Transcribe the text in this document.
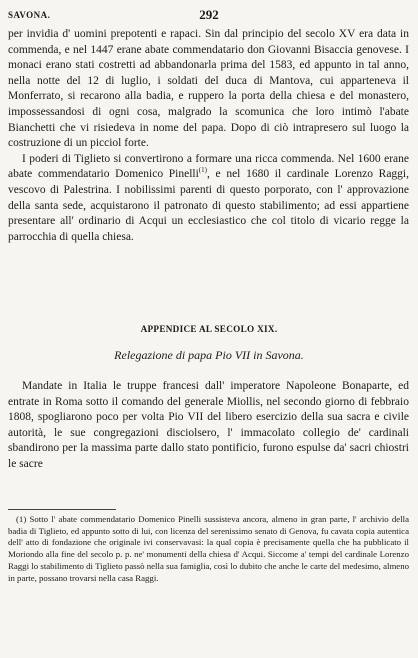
SAVONA.	292

per invidia d' uomini prepotenti e rapaci. Sin dal principio del secolo XV era data in commenda, e nel 1447 erane abate commendatario don Giovanni Bisaccia genovese. I monaci erano stati costretti ad abbandonarla prima del 1583, ed appunto in tal anno, nella notte del 12 di luglio, i soldati del duca di Mantova, cui apparteneva il Monferrato, si recarono alla badia, e ruppero la porta della chiesa e del monastero, impossessandosi di ogni cosa, malgrado la scomunica che loro intimò l'abate Bianchetti che vi risiedeva in nome del papa. Dopo di ciò intrapresero sul luogo la costruzione di un picciol forte.

I poderi di Tiglieto si convertirono a formare una ricca commenda. Nel 1600 erane abate commendatario Domenico Pinelli$^{(1)}$, e nel 1680 il cardinale Lorenzo Raggi, vescovo di Palestrina. I nobilissimi parenti di questo porporato, con l' approvazione della santa sede, acquistarono il patronato di questo stabilimento; ad essi appartiene presentare all' ordinario di Acqui un ecclesiastico che col titolo di vicario regge la parrocchia di quella chiesa.

APPENDICE AL SECOLO XIX.
Relegazione di papa Pio VII in Savona.

Mandate in Italia le truppe francesi dall' imperatore Napoleone Bonaparte, ed entrate in Roma sotto il comando del generale Miollis, nel secondo giorno di febbraio 1808, spogliarono poco per volta Pio VII del libero esercizio della sua sacra e civile autorità, le sue congregazioni disciolsero, l' immacolato collegio de' cardinali sbandirono per la massima parte dallo stato pontificio, furono espulse da' sacri chiostri le sacre

(1) Sotto l' abate commendatario Domenico Pinelli sussisteva ancora, almeno in gran parte, l' archivio della badia di Tiglieto, ed appunto sotto di lui, con licenza del serenissimo senato di Genova, fu cavata copia autentica dell' atto di fondazione che originale ivi conservavasi: la qual copia è precisamente quella che ha pubblicato il Moriondo alla fine del secolo p. p. ne' monumenti della chiesa d' Acqui. Siccome a' tempi del cardinale Lorenzo Raggi lo stabilimento di Tiglieto passò nella sua famiglia, così lo dubito che anche le carte del medesimo, almeno in parte, possano trovarsi nella casa Raggi.
